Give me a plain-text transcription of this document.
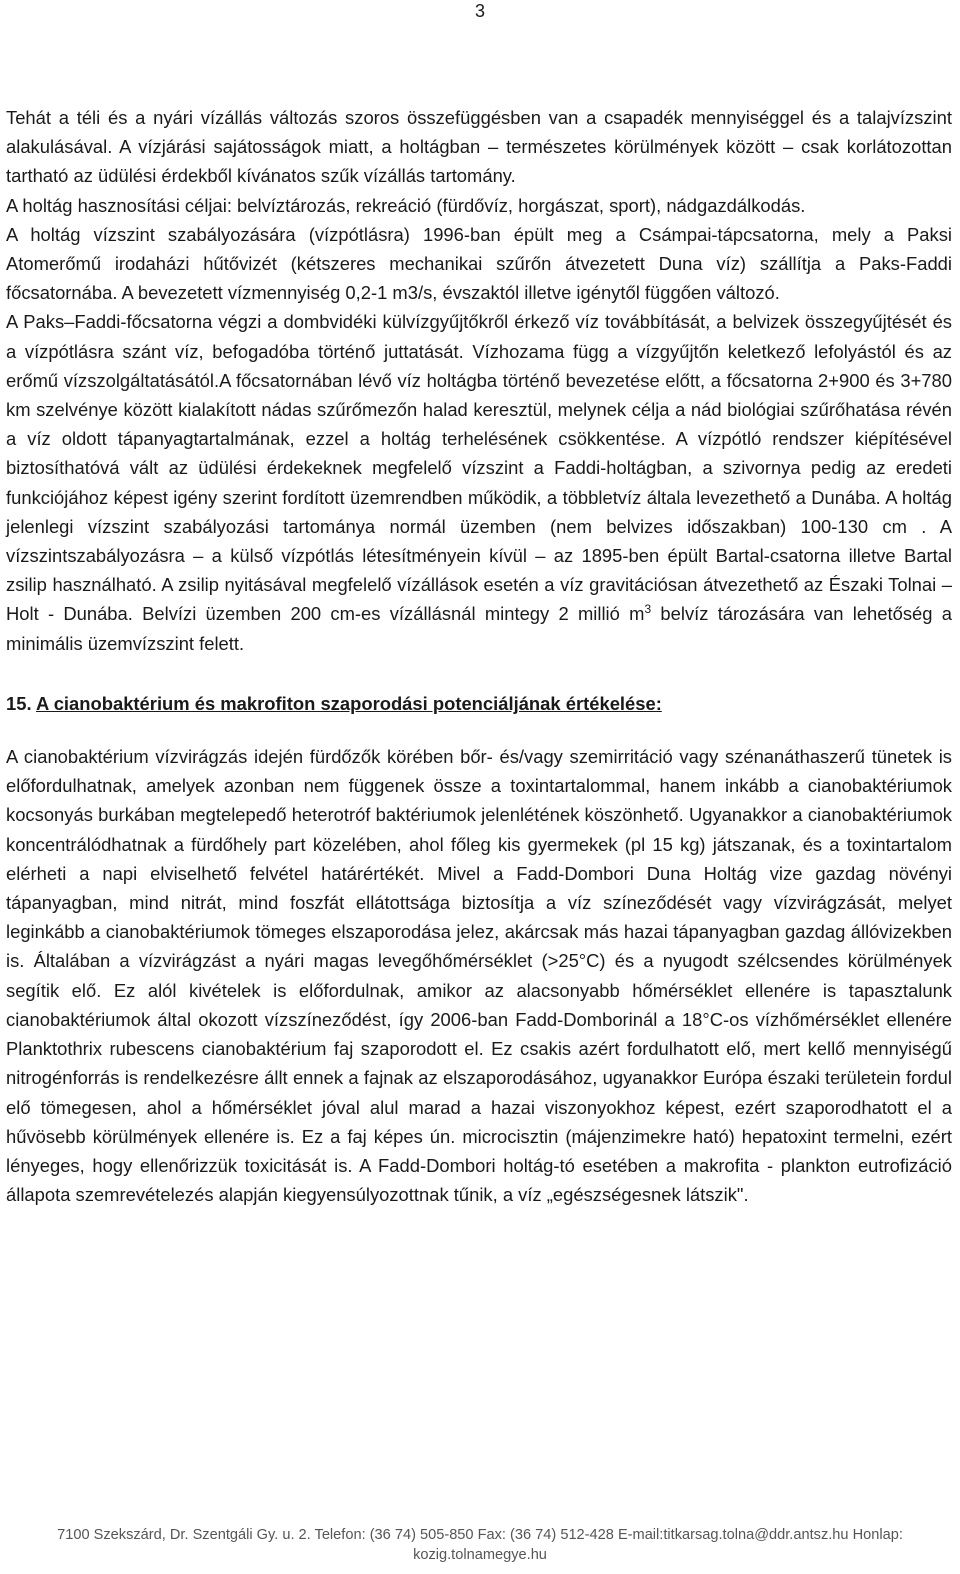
3

Tehát a téli és a nyári vízállás változás szoros összefüggésben van a csapadék mennyiséggel és a talajvízszint alakulásával. A vízjárási sajátosságok miatt, a holtágban – természetes körülmények között – csak korlátozottan tartható az üdülési érdekből kívánatos szűk vízállás tartomány.

A holtág hasznosítási céljai: belvíztározás, rekreáció (fürdővíz, horgászat, sport), nádgazdálkodás.

A holtág vízszint szabályozására (vízpótlásra) 1996-ban épült meg a Csámpai-tápcsatorna, mely a Paksi Atomerőmű irodaházi hűtővizét (kétszeres mechanikai szűrőn átvezetett Duna víz) szállítja a Paks-Faddi főcsatornába. A bevezetett vízmennyiség 0,2-1 m3/s, évszaktól illetve igénytől függően változó.

A Paks–Faddi-főcsatorna végzi a dombvidéki külvízgyűjtőkről érkező víz továbbítását, a belvizek összegyűjtését és a vízpótlásra szánt víz, befogadóba történő juttatását. Vízhozama függ a vízgyűjtőn keletkező lefolyástól és az erőmű vízszolgáltatásától.A főcsatornában lévő víz holtágba történő bevezetése előtt, a főcsatorna 2+900 és 3+780 km szelvénye között kialakított nádas szűrőmezőn halad keresztül, melynek célja a nád biológiai szűrőhatása révén a víz oldott tápanyagtartalmának, ezzel a holtág terhelésének csökkentése. A vízpótló rendszer kiépítésével biztosíthatóvá vált az üdülési érdekeknek megfelelő vízszint a Faddi-holtágban, a szivornya pedig az eredeti funkciójához képest igény szerint fordított üzemrendben működik, a többletvíz általa levezethető a Dunába. A holtág jelenlegi vízszint szabályozási tartománya normál üzemben (nem belvizes időszakban) 100-130 cm . A vízszintszabályozásra – a külső vízpótlás létesítményein kívül – az 1895-ben épült Bartal-csatorna illetve Bartal zsilip használható. A zsilip nyitásával megfelelő vízállások esetén a víz gravitációsan átvezethető az Északi Tolnai – Holt - Dunába. Belvízi üzemben 200 cm-es vízállásnál mintegy 2 millió $m^3$ belvíz tározására van lehetőség a minimális üzemvízszint felett.

15. A cianobaktérium és makrofiton szaporodási potenciáljának értékelése:

A cianobaktérium vízvirágzás idején fürdőzők körében bőr- és/vagy szemirritáció vagy szénanáthaszerű tünetek is előfordulhatnak, amelyek azonban nem függenek össze a toxintartalommal, hanem inkább a cianobaktériumok kocsonyás burkában megtelepedő heterotróf baktériumok jelenlétének köszönhető. Ugyanakkor a cianobaktériumok koncentrálódhatnak a fürdőhely part közelében, ahol főleg kis gyermekek (pl 15 kg) játszanak, és a toxintartalom elérheti a napi elviselhető felvétel határértékét. Mivel a Fadd-Dombori Duna Holtág vize gazdag növényi tápanyagban, mind nitrát, mind foszfát ellátottsága biztosítja a víz színeződését vagy vízvirágzását, melyet leginkább a cianobaktériumok tömeges elszaporodása jelez, akárcsak más hazai tápanyagban gazdag állóvizekben is. Általában a vízvirágzást a nyári magas levegőhőmérséklet (>25°C) és a nyugodt szélcsendes körülmények segítik elő. Ez alól kivételek is előfordulnak, amikor az alacsonyabb hőmérséklet ellenére is tapasztalunk cianobaktériumok által okozott vízszíneződést, így 2006-ban Fadd-Domborinál a 18°C-os vízhőmérséklet ellenére Planktothrix rubescens cianobaktérium faj szaporodott el. Ez csakis azért fordulhatott elő, mert kellő mennyiségű nitrogénforrás is rendelkezésre állt ennek a fajnak az elszaporodásához, ugyanakkor Európa északi területein fordul elő tömegesen, ahol a hőmérséklet jóval alul marad a hazai viszonyokhoz képest, ezért szaporodhatott el a hűvösebb körülmények ellenére is. Ez a faj képes ún. microcisztin (májenzimekre ható) hepatoxint termelni, ezért lényeges, hogy ellenőrizzük toxicitását is. A Fadd-Dombori holtág-tó esetében a makrofita - plankton eutrofizáció állapota szemrevételezés alapján kiegyensúlyozottnak tűnik, a víz „egészségesnek látszik".

7100 Szekszárd, Dr. Szentgáli Gy. u. 2. Telefon: (36 74) 505-850 Fax: (36 74) 512-428 E-mail:titkarsag.tolna@ddr.antsz.hu Honlap:
kozig.tolnamegye.hu
